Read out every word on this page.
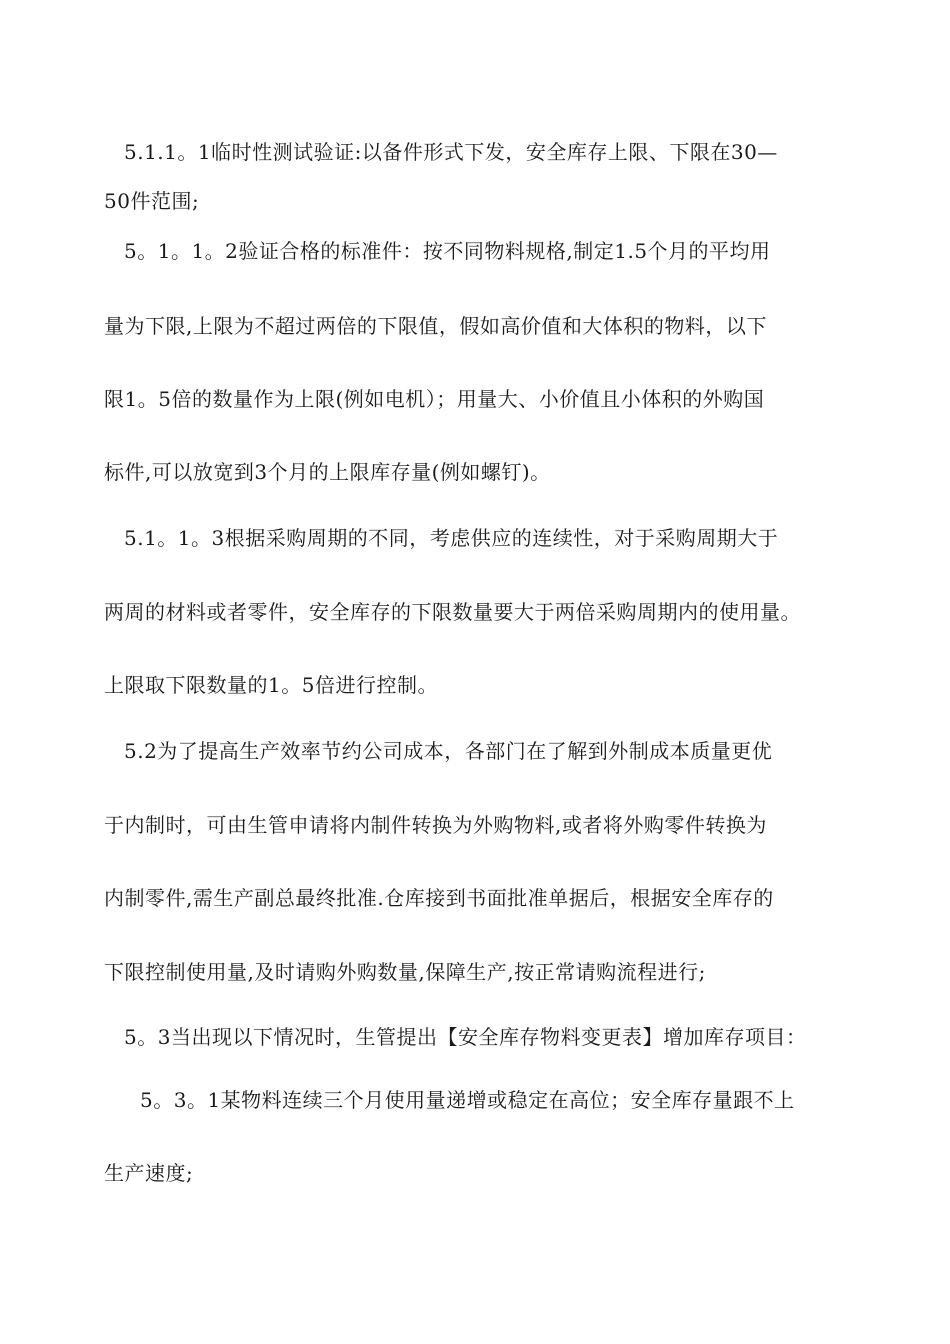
5.1.1。1临时性测试验证:以备件形式下发，安全库存上限、下限在30—
50件范围;
5。1。1。2验证合格的标准件：按不同物料规格,制定1.5个月的平均用
量为下限,上限为不超过两倍的下限值，假如高价值和大体积的物料，以下
限1。5倍的数量作为上限(例如电机）；用量大、小价值且小体积的外购国
标件,可以放宽到3个月的上限库存量(例如螺钉)。
5.1。1。3根据采购周期的不同，考虑供应的连续性，对于采购周期大于
两周的材料或者零件，安全库存的下限数量要大于两倍采购周期内的使用量。
上限取下限数量的1。5倍进行控制。
5.2为了提高生产效率节约公司成本，各部门在了解到外制成本质量更优
于内制时，可由生管申请将内制件转换为外购物料,或者将外购零件转换为
内制零件,需生产副总最终批准.仓库接到书面批准单据后，根据安全库存的
下限控制使用量,及时请购外购数量,保障生产,按正常请购流程进行;
5。3当出现以下情况时，生管提出【安全库存物料变更表】增加库存项目：
5。3。1某物料连续三个月使用量递增或稳定在高位；安全库存量跟不上
生产速度;
